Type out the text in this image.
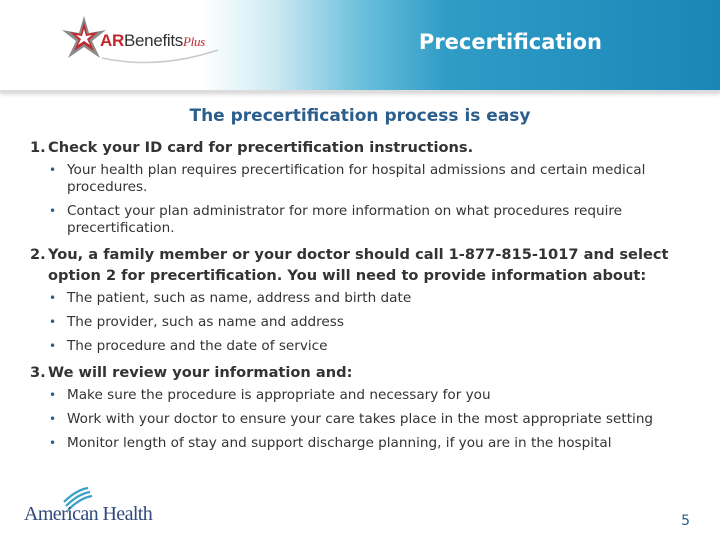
ARBenefitsPlus	Precertification
The precertification process is easy
1. Check your ID card for precertification instructions.
• Your health plan requires precertification for hospital admissions and certain medical procedures.
• Contact your plan administrator for more information on what procedures require precertification.
2. You, a family member or your doctor should call 1-877-815-1017 and select option 2 for precertification. You will need to provide information about:
• The patient, such as name, address and birth date
• The provider, such as name and address
• The procedure and the date of service
3. We will review your information and:
• Make sure the procedure is appropriate and necessary for you
• Work with your doctor to ensure your care takes place in the most appropriate setting
• Monitor length of stay and support discharge planning, if you are in the hospital
American Health	5
